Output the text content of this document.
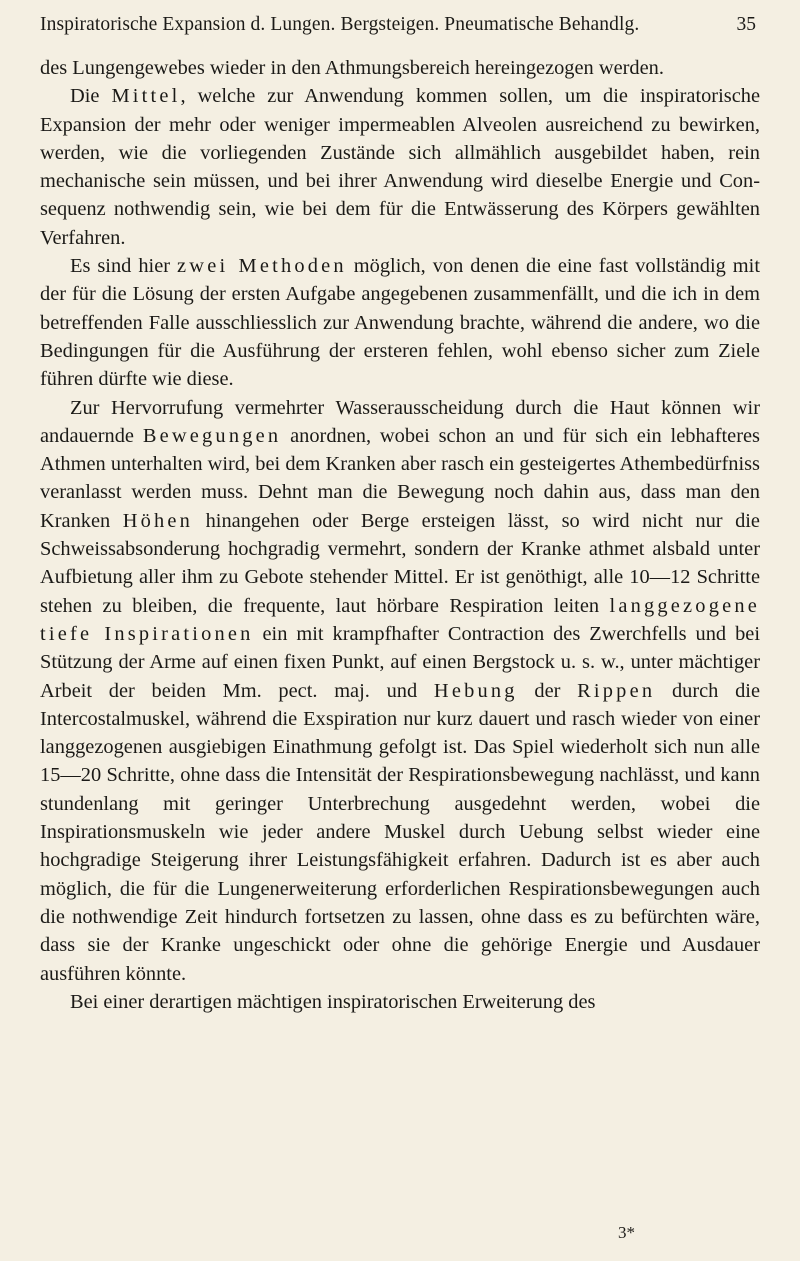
Inspiratorische Expansion d. Lungen. Bergsteigen. Pneumatische Behandlg.	35

des Lungengewebes wieder in den Athmungsbereich hereingezogen werden.

Die Mittel, welche zur Anwendung kommen sollen, um die inspiratorische Expansion der mehr oder weniger impermeablen Alveolen ausreichend zu bewirken, werden, wie die vorliegenden Zustände sich allmählich ausgebildet haben, rein mechanische sein müssen, und bei ihrer Anwendung wird dieselbe Energie und Consequenz nothwendig sein, wie bei dem für die Entwässerung des Körpers gewählten Verfahren.

Es sind hier zwei Methoden möglich, von denen die eine fast vollständig mit der für die Lösung der ersten Aufgabe angegebenen zusammenfällt, und die ich in dem betreffenden Falle ausschliesslich zur Anwendung brachte, während die andere, wo die Bedingungen für die Ausführung der ersteren fehlen, wohl ebenso sicher zum Ziele führen dürfte wie diese.

Zur Hervorrufung vermehrter Wasserausscheidung durch die Haut können wir andauernde Bewegungen anordnen, wobei schon an und für sich ein lebhafteres Athmen unterhalten wird, bei dem Kranken aber rasch ein gesteigertes Athembedürfniss veranlasst werden muss. Dehnt man die Bewegung noch dahin aus, dass man den Kranken Höhen hinangehen oder Berge ersteigen lässt, so wird nicht nur die Schweissabsonderung hochgradig vermehrt, sondern der Kranke athmet alsbald unter Aufbietung aller ihm zu Gebote stehender Mittel. Er ist genöthigt, alle 10—12 Schritte stehen zu bleiben, die frequente, laut hörbare Respiration leiten langgezogene tiefe Inspirationen ein mit krampfhafter Contraction des Zwerchfells und bei Stützung der Arme auf einen fixen Punkt, auf einen Bergstock u. s. w., unter mächtiger Arbeit der beiden Mm. pect. maj. und Hebung der Rippen durch die Intercostalmuskel, während die Exspiration nur kurz dauert und rasch wieder von einer langgezogenen ausgiebigen Einathmung gefolgt ist. Das Spiel wiederholt sich nun alle 15—20 Schritte, ohne dass die Intensität der Respirationsbewegung nachlässt, und kann stundenlang mit geringer Unterbrechung ausgedehnt werden, wobei die Inspirationsmuskeln wie jeder andere Muskel durch Uebung selbst wieder eine hochgradige Steigerung ihrer Leistungsfähigkeit erfahren. Dadurch ist es aber auch möglich, die für die Lungenerweiterung erforderlichen Respirationsbewegungen auch die nothwendige Zeit hindurch fortsetzen zu lassen, ohne dass es zu befürchten wäre, dass sie der Kranke ungeschickt oder ohne die gehörige Energie und Ausdauer ausführen könnte.

Bei einer derartigen mächtigen inspiratorischen Erweiterung des

3*
